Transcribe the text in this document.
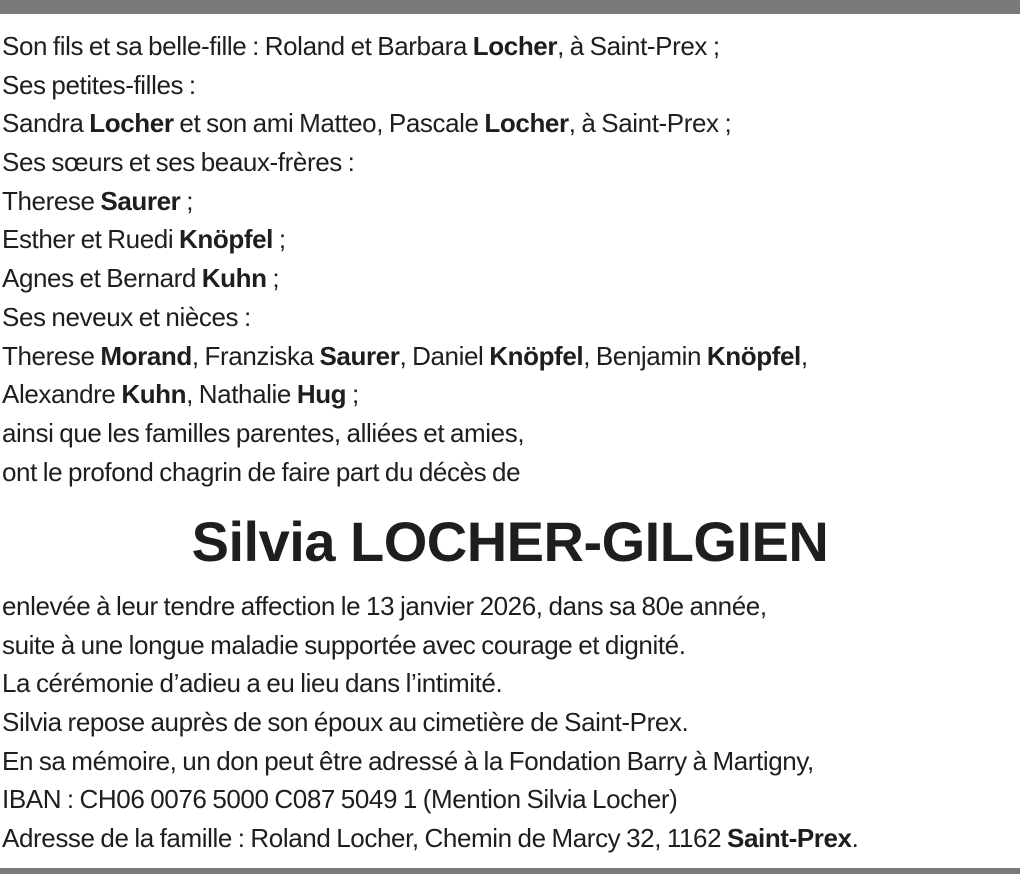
Son fils et sa belle-fille : Roland et Barbara Locher, à Saint-Prex ;
Ses petites-filles :
Sandra Locher et son ami Matteo, Pascale Locher, à Saint-Prex ;
Ses sœurs et ses beaux-frères :
Therese Saurer ;
Esther et Ruedi Knöpfel ;
Agnes et Bernard Kuhn ;
Ses neveux et nièces :
Therese Morand, Franziska Saurer, Daniel Knöpfel, Benjamin Knöpfel,
Alexandre Kuhn, Nathalie Hug ;
ainsi que les familles parentes, alliées et amies,
ont le profond chagrin de faire part du décès de
Silvia LOCHER-GILGIEN
enlevée à leur tendre affection le 13 janvier 2026, dans sa 80e année,
suite à une longue maladie supportée avec courage et dignité.
La cérémonie d’adieu a eu lieu dans l’intimité.
Silvia repose auprès de son époux au cimetière de Saint-Prex.
En sa mémoire, un don peut être adressé à la Fondation Barry à Martigny,
IBAN : CH06 0076 5000 C087 5049 1 (Mention Silvia Locher)
Adresse de la famille : Roland Locher, Chemin de Marcy 32, 1162 Saint-Prex.
